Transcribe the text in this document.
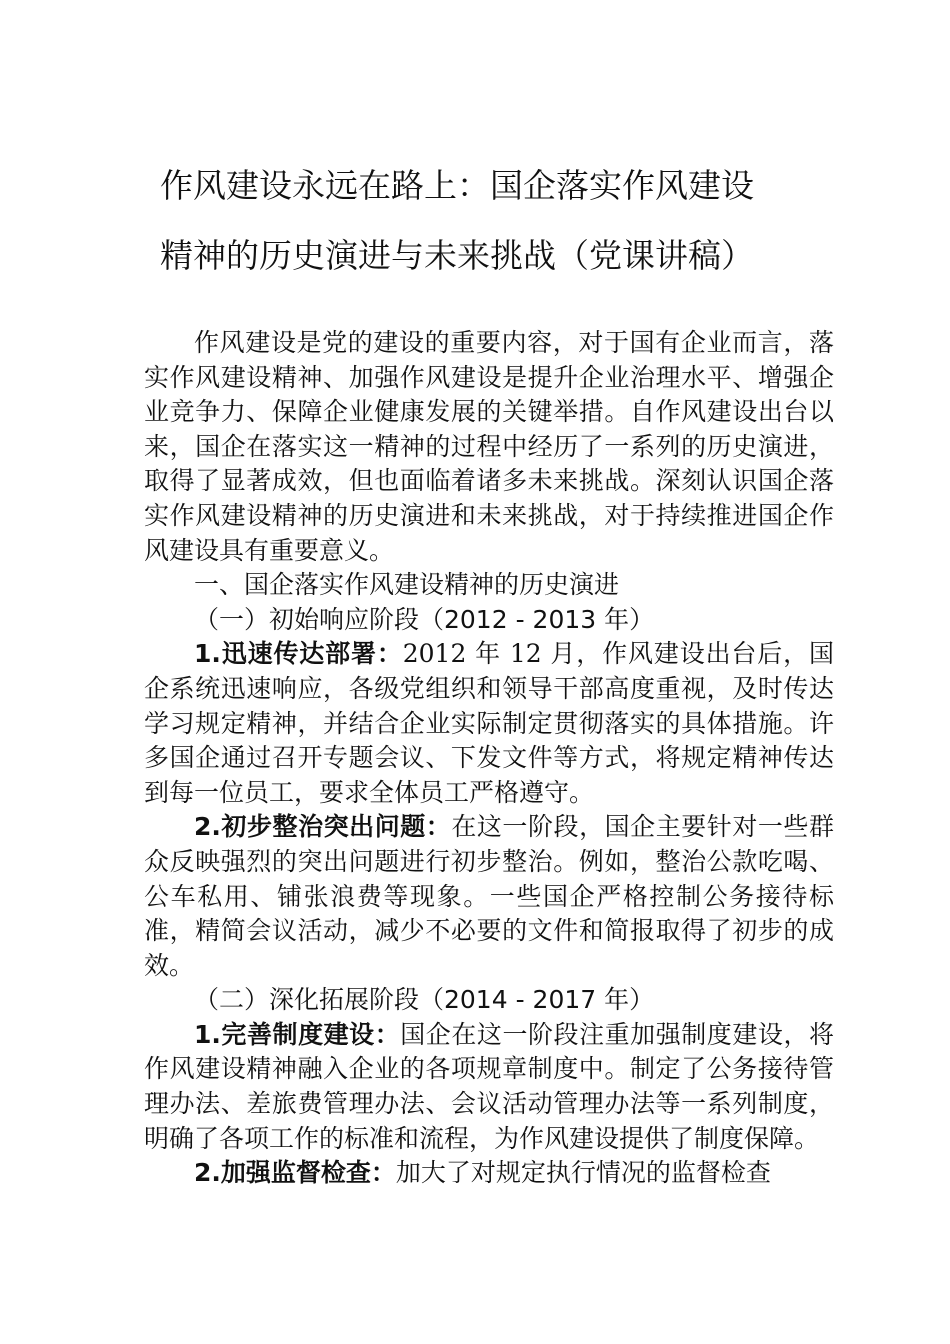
作风建设永远在路上：国企落实作风建设
精神的历史演进与未来挑战（党课讲稿）

作风建设是党的建设的重要内容，对于国有企业而言，落实作风建设精神、加强作风建设是提升企业治理水平、增强企业竞争力、保障企业健康发展的关键举措。自作风建设出台以来，国企在落实这一精神的过程中经历了一系列的历史演进，取得了显著成效，但也面临着诸多未来挑战。深刻认识国企落实作风建设精神的历史演进和未来挑战，对于持续推进国企作风建设具有重要意义。

一、国企落实作风建设精神的历史演进

（一）初始响应阶段（2012 - 2013 年）

1.迅速传达部署：2012 年 12 月，作风建设出台后，国企系统迅速响应，各级党组织和领导干部高度重视，及时传达学习规定精神，并结合企业实际制定贯彻落实的具体措施。许多国企通过召开专题会议、下发文件等方式，将规定精神传达到每一位员工，要求全体员工严格遵守。

2.初步整治突出问题：在这一阶段，国企主要针对一些群众反映强烈的突出问题进行初步整治。例如，整治公款吃喝、公车私用、铺张浪费等现象。一些国企严格控制公务接待标准，精简会议活动，减少不必要的文件和简报取得了初步的成效。

（二）深化拓展阶段（2014 - 2017 年）

1.完善制度建设：国企在这一阶段注重加强制度建设，将作风建设精神融入企业的各项规章制度中。制定了公务接待管理办法、差旅费管理办法、会议活动管理办法等一系列制度，明确了各项工作的标准和流程，为作风建设提供了制度保障。

2.加强监督检查：加大了对规定执行情况的监督检查
